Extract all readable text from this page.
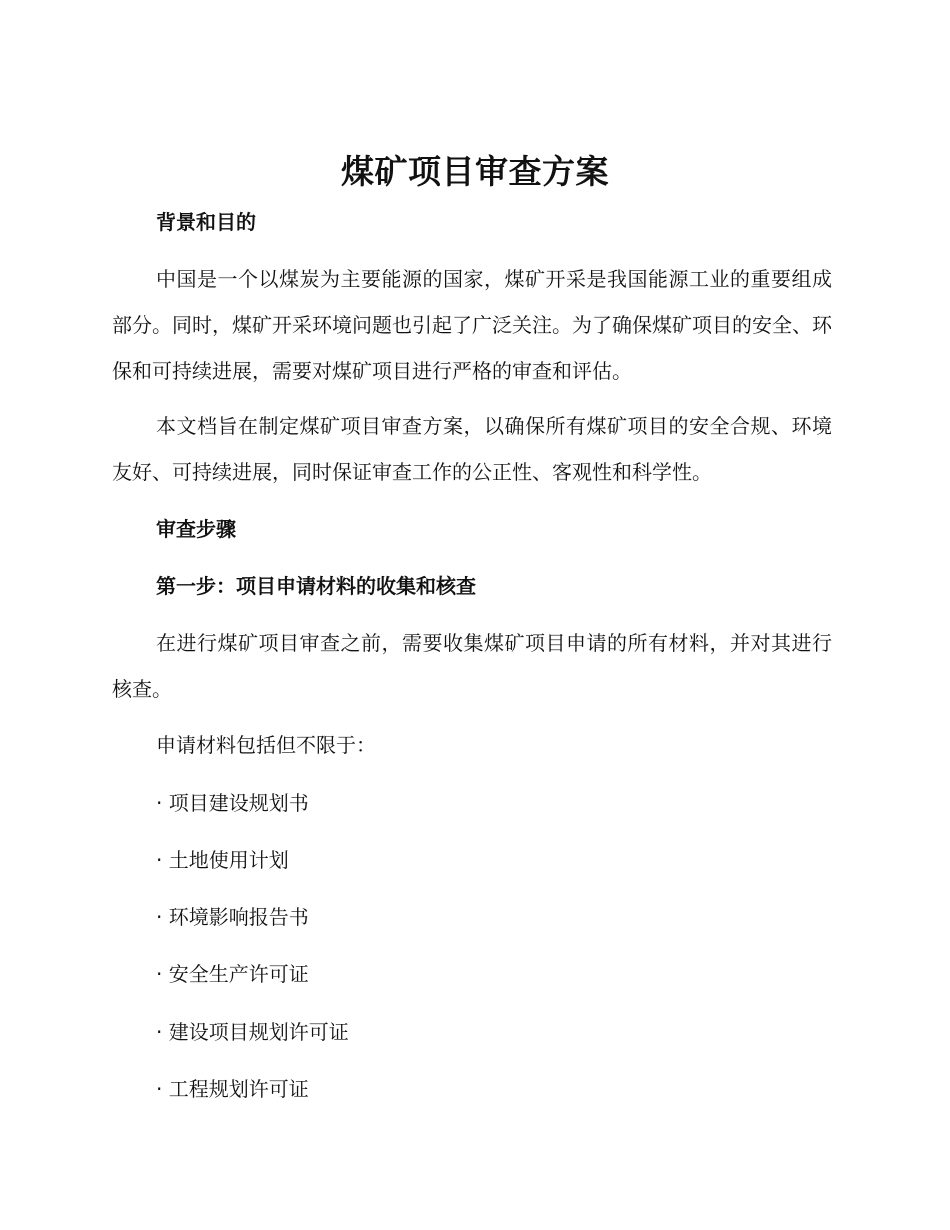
煤矿项目审查方案

背景和目的

中国是一个以煤炭为主要能源的国家，煤矿开采是我国能源工业的重要组成部分。同时，煤矿开采环境问题也引起了广泛关注。为了确保煤矿项目的安全、环保和可持续进展，需要对煤矿项目进行严格的审查和评估。

本文档旨在制定煤矿项目审查方案，以确保所有煤矿项目的安全合规、环境友好、可持续进展，同时保证审查工作的公正性、客观性和科学性。

审查步骤

第一步：项目申请材料的收集和核查

在进行煤矿项目审查之前，需要收集煤矿项目申请的所有材料，并对其进行核查。

申请材料包括但不限于：

· 项目建设规划书

· 土地使用计划

· 环境影响报告书

· 安全生产许可证

· 建设项目规划许可证

· 工程规划许可证
